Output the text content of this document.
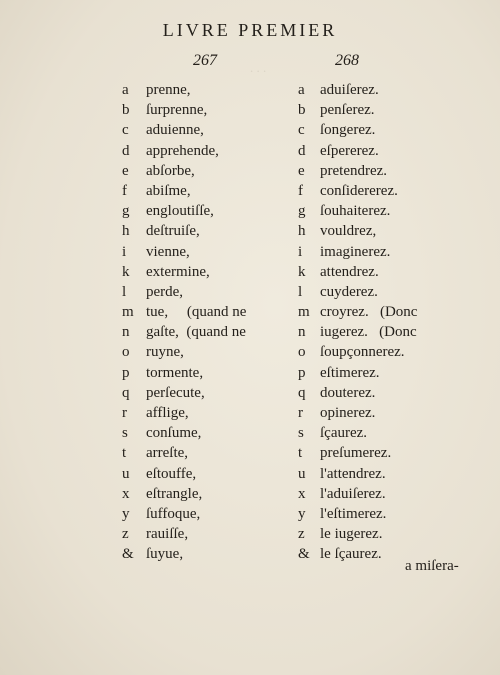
. . .
LIVRE PREMIER
267	268
a prenne,
b ſurprenne,
c aduienne,
d apprehende,
e abſorbe,
f abiſme,
g engloutiſſe,
h deſtruiſe,
i vienne,
k extermine,
l perde,
m tue,     (quand ne
n gaſte,  (quand ne
o ruyne,
p tormente,
q perſecute,
r afflige,
s conſume,
t arreſte,
u eſtouffe,
x eſtrangle,
y ſuffoque,
z rauiſſe,
& ſuyue,
a aduiſerez.
b penſerez.
c ſongerez.
d eſpererez.
e pretendrez.
f conſidererez.
g ſouhaiterez.
h vouldrez,
i imaginerez.
k attendrez.
l cuyderez.
m croyrez.   (Donc
n iugerez.   (Donc
o ſoupçonnerez.
p eſtimerez.
q douterez.
r opinerez.
s ſçaurez.
t preſumerez.
u l'attendrez.
x l'aduiſerez.
y l'eſtimerez.
z le iugerez.
& le ſçaurez.
a miſera-
